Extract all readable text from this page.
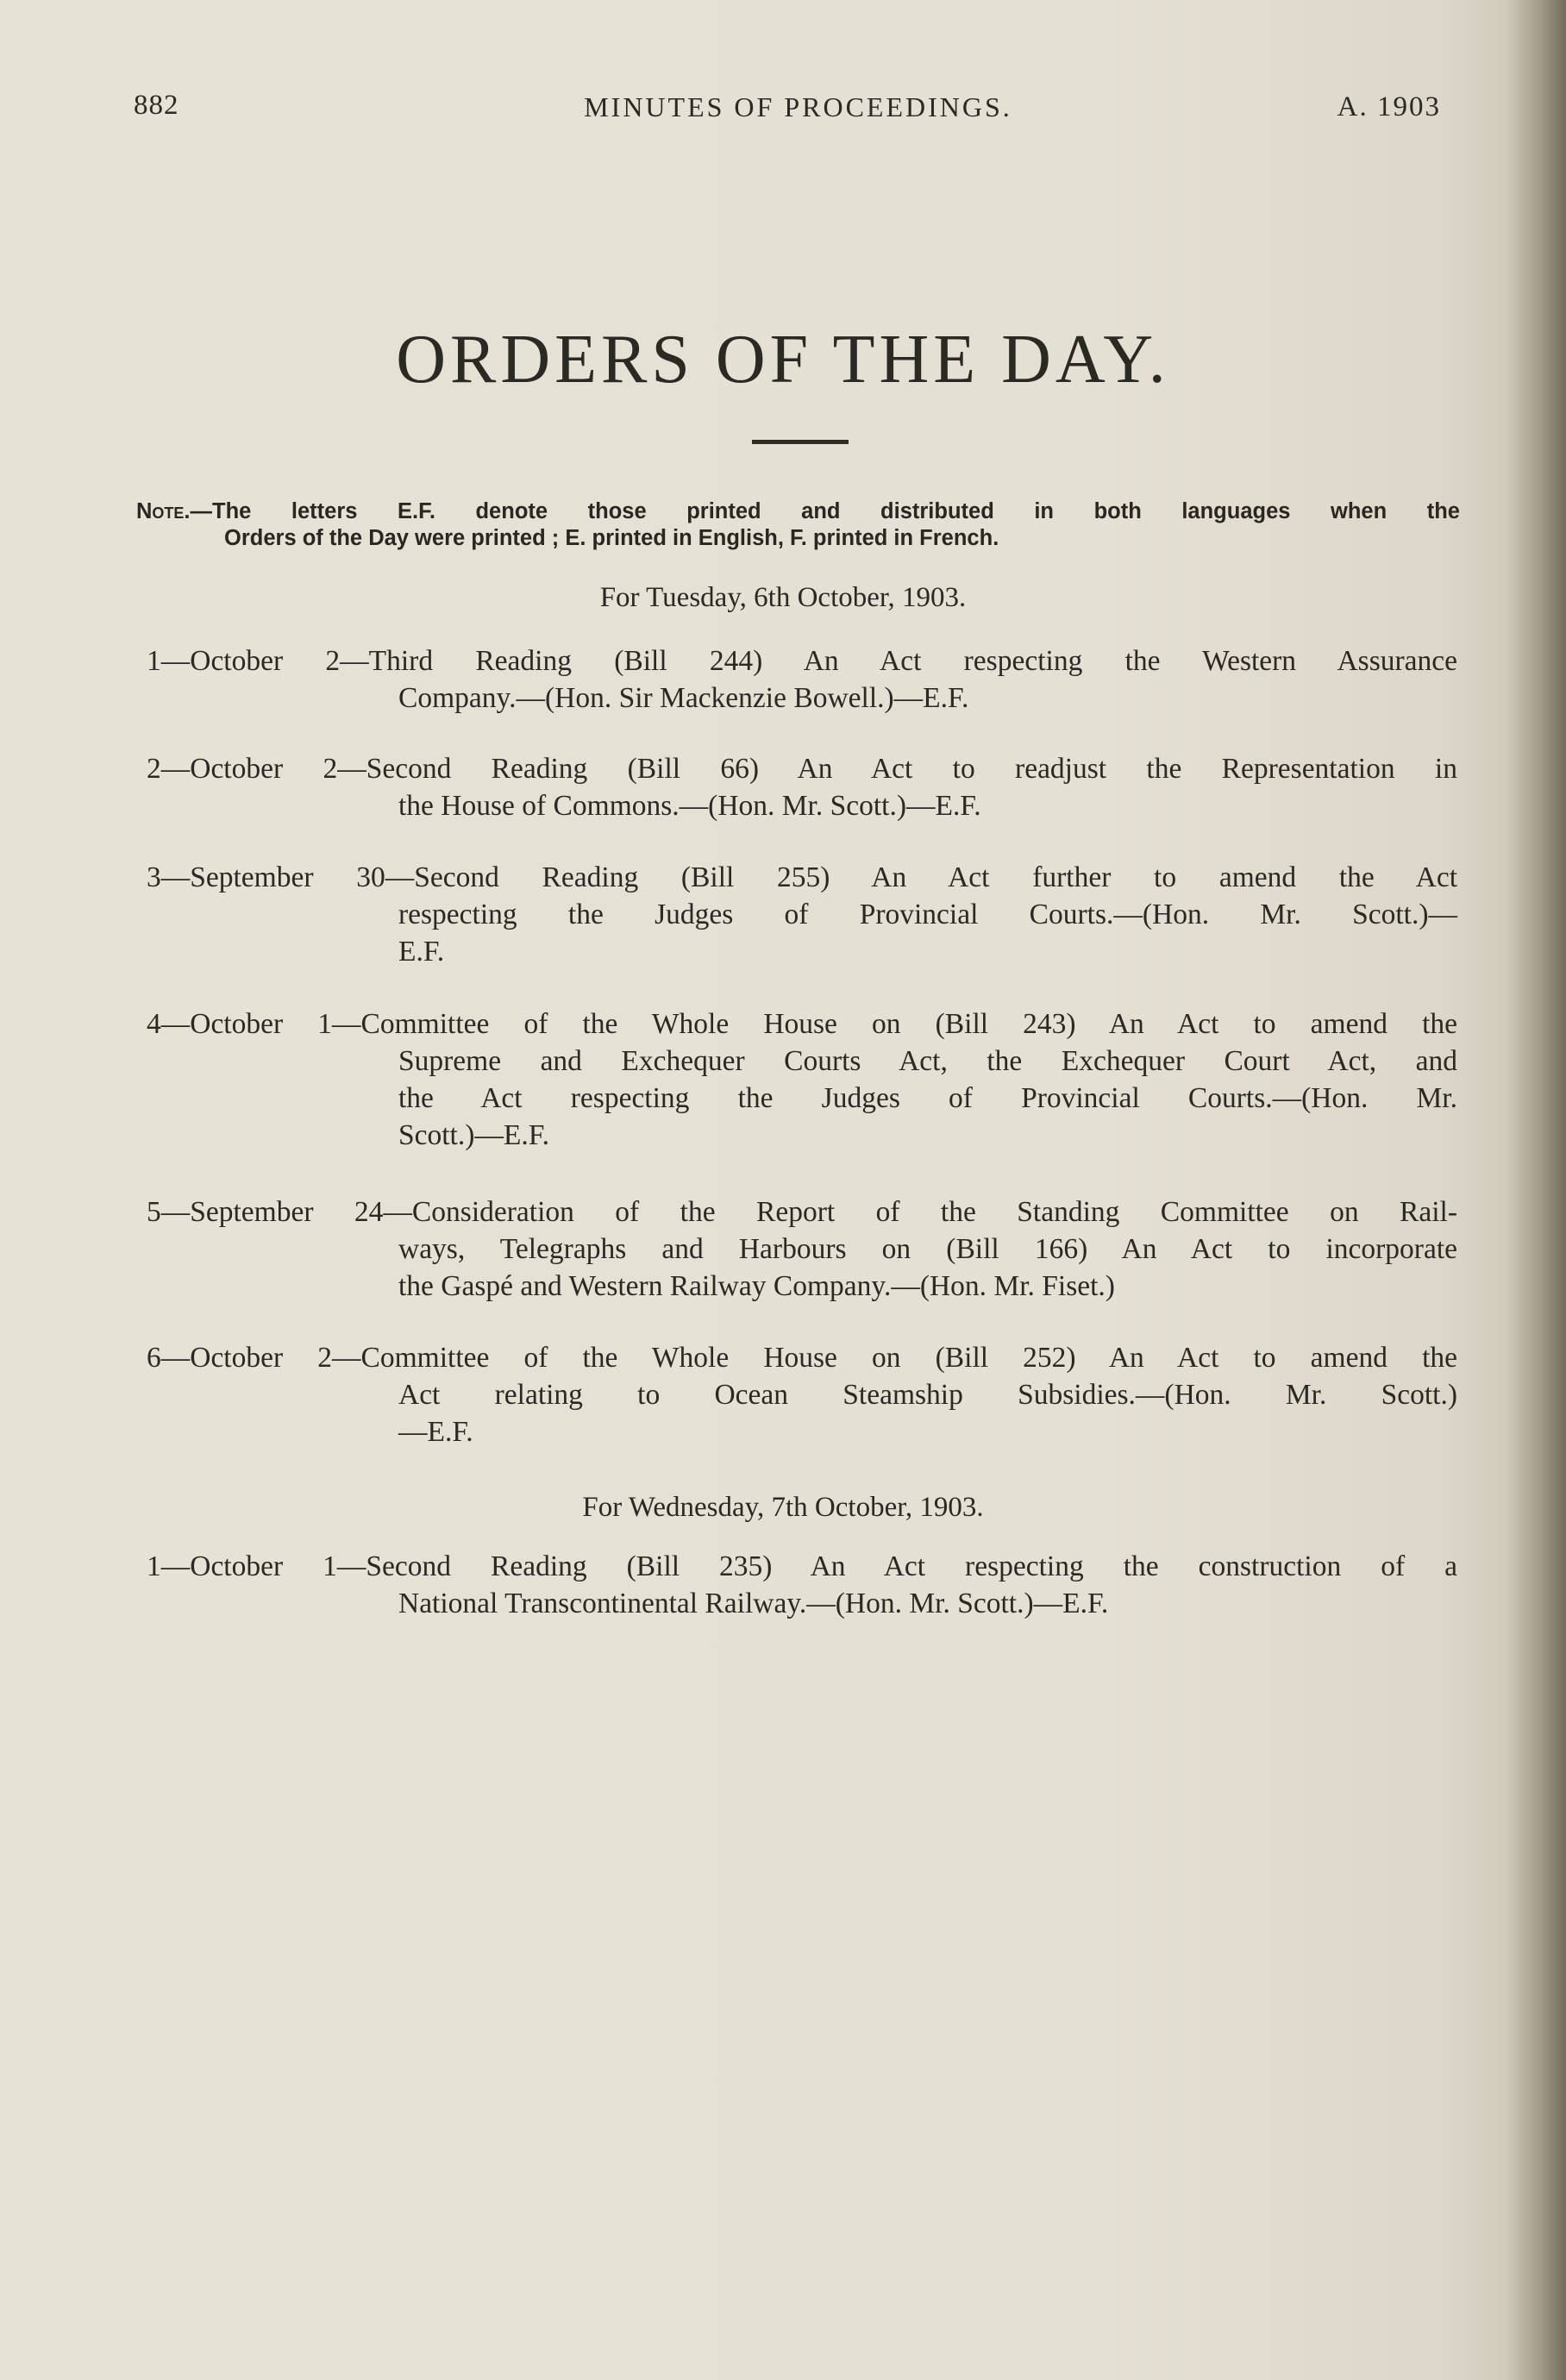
882	MINUTES OF PROCEEDINGS.	A. 1903
ORDERS OF THE DAY.
Note.—The letters E.F. denote those printed and distributed in both languages when the
Orders of the Day were printed ; E. printed in English, F. printed in French.
For Tuesday, 6th October, 1903.
1—October 2—Third Reading (Bill 244) An Act respecting the Western Assurance
Company.—(Hon. Sir Mackenzie Bowell.)—E.F.
2—October 2—Second Reading (Bill 66) An Act to readjust the Representation in
the House of Commons.—(Hon. Mr. Scott.)—E.F.
3—September 30—Second Reading (Bill 255) An Act further to amend the Act
respecting the Judges of Provincial Courts.—(Hon. Mr. Scott.)—
E.F.
4—October 1—Committee of the Whole House on (Bill 243) An Act to amend the
Supreme and Exchequer Courts Act, the Exchequer Court Act, and
the Act respecting the Judges of Provincial Courts.—(Hon. Mr.
Scott.)—E.F.
5—September 24—Consideration of the Report of the Standing Committee on Rail-
ways, Telegraphs and Harbours on (Bill 166) An Act to incorporate
the Gaspé and Western Railway Company.—(Hon. Mr. Fiset.)
6—October 2—Committee of the Whole House on (Bill 252) An Act to amend the
Act relating to Ocean Steamship Subsidies.—(Hon. Mr. Scott.)
—E.F.
For Wednesday, 7th October, 1903.
1—October 1—Second Reading (Bill 235) An Act respecting the construction of a
National Transcontinental Railway.—(Hon. Mr. Scott.)—E.F.
